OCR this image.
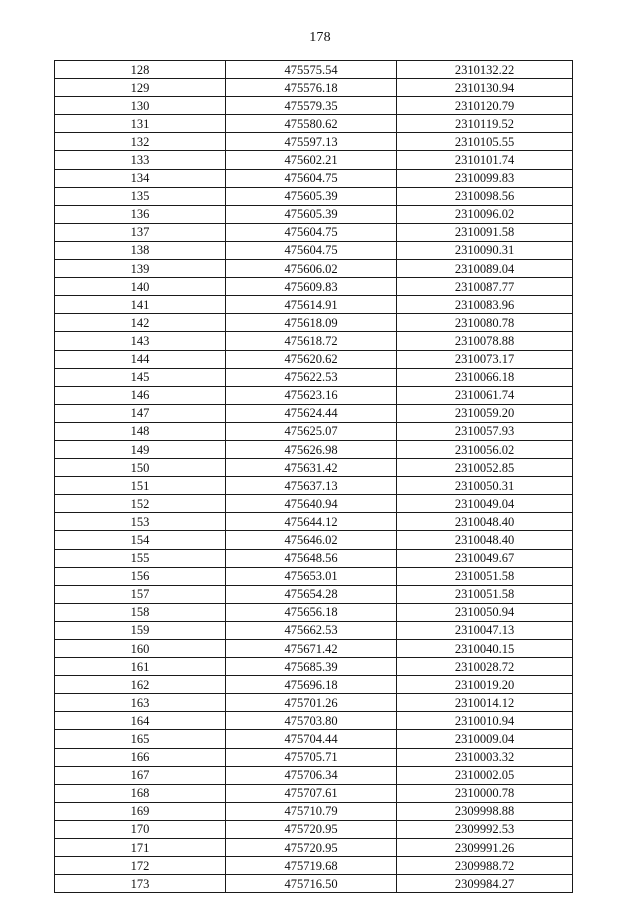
178
128	475575.54	2310132.22
129	475576.18	2310130.94
130	475579.35	2310120.79
131	475580.62	2310119.52
132	475597.13	2310105.55
133	475602.21	2310101.74
134	475604.75	2310099.83
135	475605.39	2310098.56
136	475605.39	2310096.02
137	475604.75	2310091.58
138	475604.75	2310090.31
139	475606.02	2310089.04
140	475609.83	2310087.77
141	475614.91	2310083.96
142	475618.09	2310080.78
143	475618.72	2310078.88
144	475620.62	2310073.17
145	475622.53	2310066.18
146	475623.16	2310061.74
147	475624.44	2310059.20
148	475625.07	2310057.93
149	475626.98	2310056.02
150	475631.42	2310052.85
151	475637.13	2310050.31
152	475640.94	2310049.04
153	475644.12	2310048.40
154	475646.02	2310048.40
155	475648.56	2310049.67
156	475653.01	2310051.58
157	475654.28	2310051.58
158	475656.18	2310050.94
159	475662.53	2310047.13
160	475671.42	2310040.15
161	475685.39	2310028.72
162	475696.18	2310019.20
163	475701.26	2310014.12
164	475703.80	2310010.94
165	475704.44	2310009.04
166	475705.71	2310003.32
167	475706.34	2310002.05
168	475707.61	2310000.78
169	475710.79	2309998.88
170	475720.95	2309992.53
171	475720.95	2309991.26
172	475719.68	2309988.72
173	475716.50	2309984.27
